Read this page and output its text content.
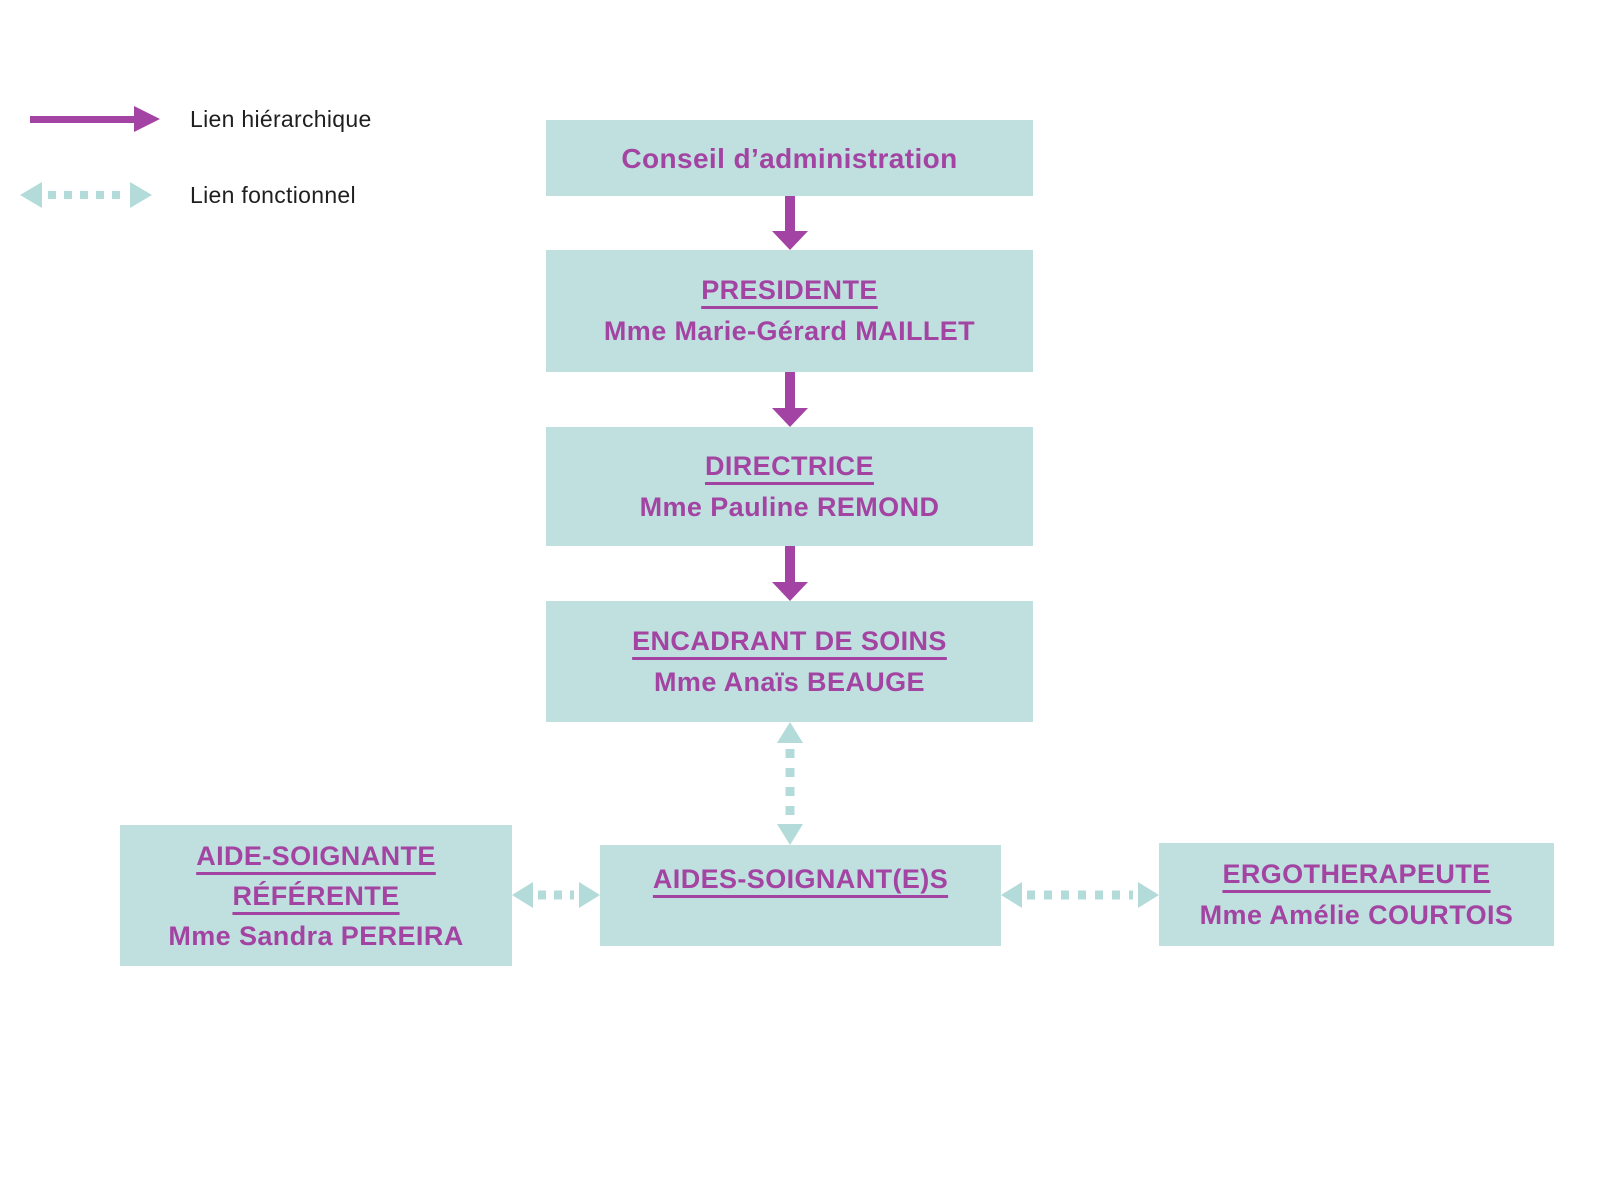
Lien hiérarchique
Lien fonctionnel
Conseil d’administration
PRESIDENTE
Mme Marie-Gérard MAILLET
DIRECTRICE
Mme Pauline REMOND
ENCADRANT DE SOINS
Mme Anaïs BEAUGE
AIDE-SOIGNANTE RÉFÉRENTE
Mme Sandra PEREIRA
AIDES-SOIGNANT(E)S	ERGOTHERAPEUTE
Mme Amélie COURTOIS
